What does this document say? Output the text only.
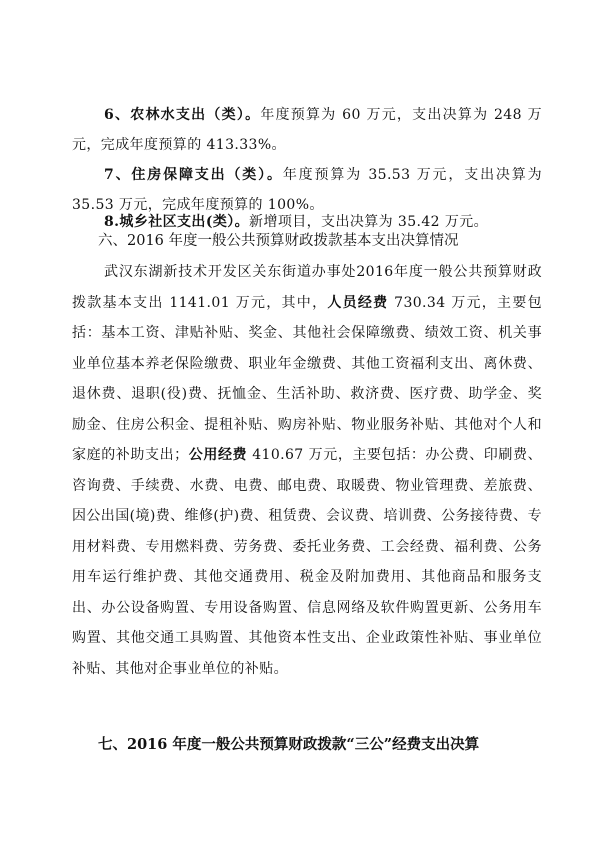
6、农林水支出（类）。年度预算为 60 万元，支出决算为 248 万元，完成年度预算的 413.33%。

7、住房保障支出（类）。年度预算为 35.53 万元，支出决算为 35.53 万元，完成年度预算的 100%。

8.城乡社区支出(类）。新增项目，支出决算为 35.42 万元。

六、2016 年度一般公共预算财政拨款基本支出决算情况

武汉东湖新技术开发区关东街道办事处2016年度一般公共预算财政拨款基本支出 1141.01 万元，其中，人员经费 730.34 万元，主要包括：基本工资、津贴补贴、奖金、其他社会保障缴费、绩效工资、机关事业单位基本养老保险缴费、职业年金缴费、其他工资福利支出、离休费、退休费、退职(役)费、抚恤金、生活补助、救济费、医疗费、助学金、奖励金、住房公积金、提租补贴、购房补贴、物业服务补贴、其他对个人和家庭的补助支出；公用经费 410.67 万元，主要包括：办公费、印刷费、咨询费、手续费、水费、电费、邮电费、取暖费、物业管理费、差旅费、因公出国(境)费、维修(护)费、租赁费、会议费、培训费、公务接待费、专用材料费、专用燃料费、劳务费、委托业务费、工会经费、福利费、公务用车运行维护费、其他交通费用、税金及附加费用、其他商品和服务支出、办公设备购置、专用设备购置、信息网络及软件购置更新、公务用车购置、其他交通工具购置、其他资本性支出、企业政策性补贴、事业单位补贴、其他对企事业单位的补贴。

七、2016 年度一般公共预算财政拨款“三公”经费支出决算
